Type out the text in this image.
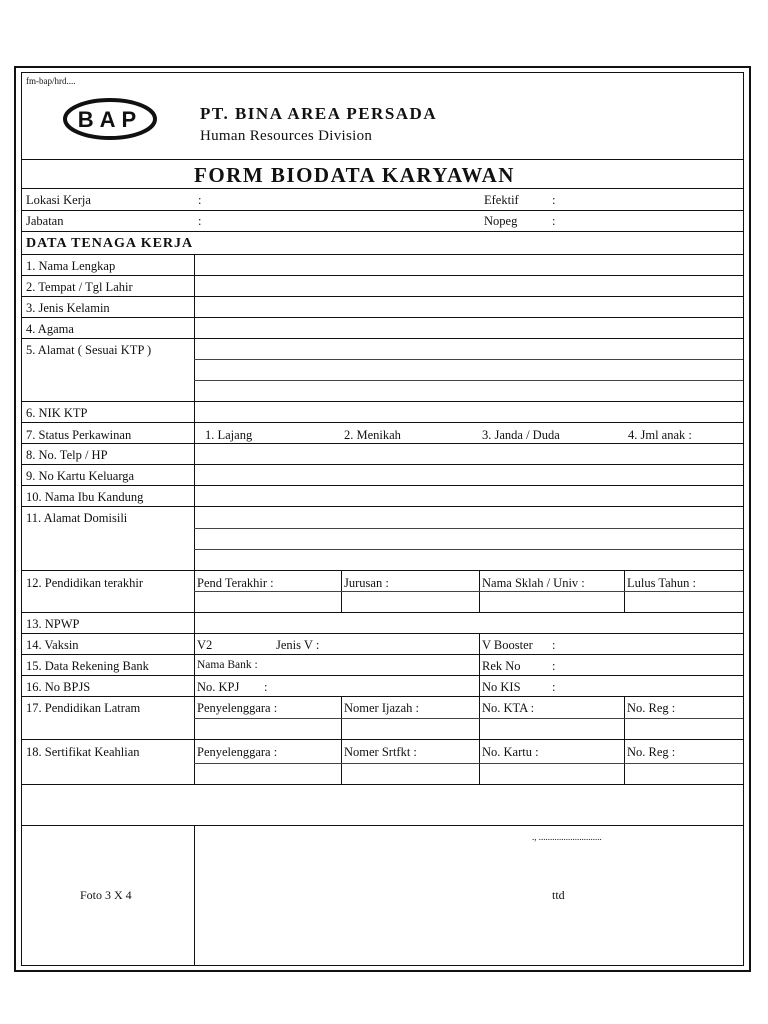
fm-bap/hrd....
BAP	PT. BINA AREA PERSADA
Human Resources Division
FORM BIODATA KARYAWAN
Lokasi Kerja	:	Efektif	:
Jabatan	:	Nopeg	:
DATA TENAGA KERJA
1. Nama Lengkap
2. Tempat / Tgl Lahir
3. Jenis Kelamin
4. Agama
5. Alamat ( Sesuai KTP )
6. NIK KTP
7. Status Perkawinan	1. Lajang	2. Menikah	3. Janda / Duda	4. Jml anak :
8. No. Telp / HP
9. No Kartu Keluarga
10. Nama Ibu Kandung
11. Alamat Domisili
12. Pendidikan terakhir	Pend Terakhir :	Jurusan :	Nama Sklah / Univ :	Lulus Tahun :
13. NPWP
14. Vaksin	V2	Jenis V :	V Booster :
15. Data Rekening Bank	Nama Bank :	Rek No	:
16. No BPJS	No. KPJ :	No KIS	:
17. Pendidikan Latram	Penyelenggara :	Nomer Ijazah :	No. KTA :	No. Reg :
18. Sertifikat Keahlian	Penyelenggara :	Nomer Srtfkt :	No. Kartu :	No. Reg :
Foto 3 X 4
., ............................
ttd
